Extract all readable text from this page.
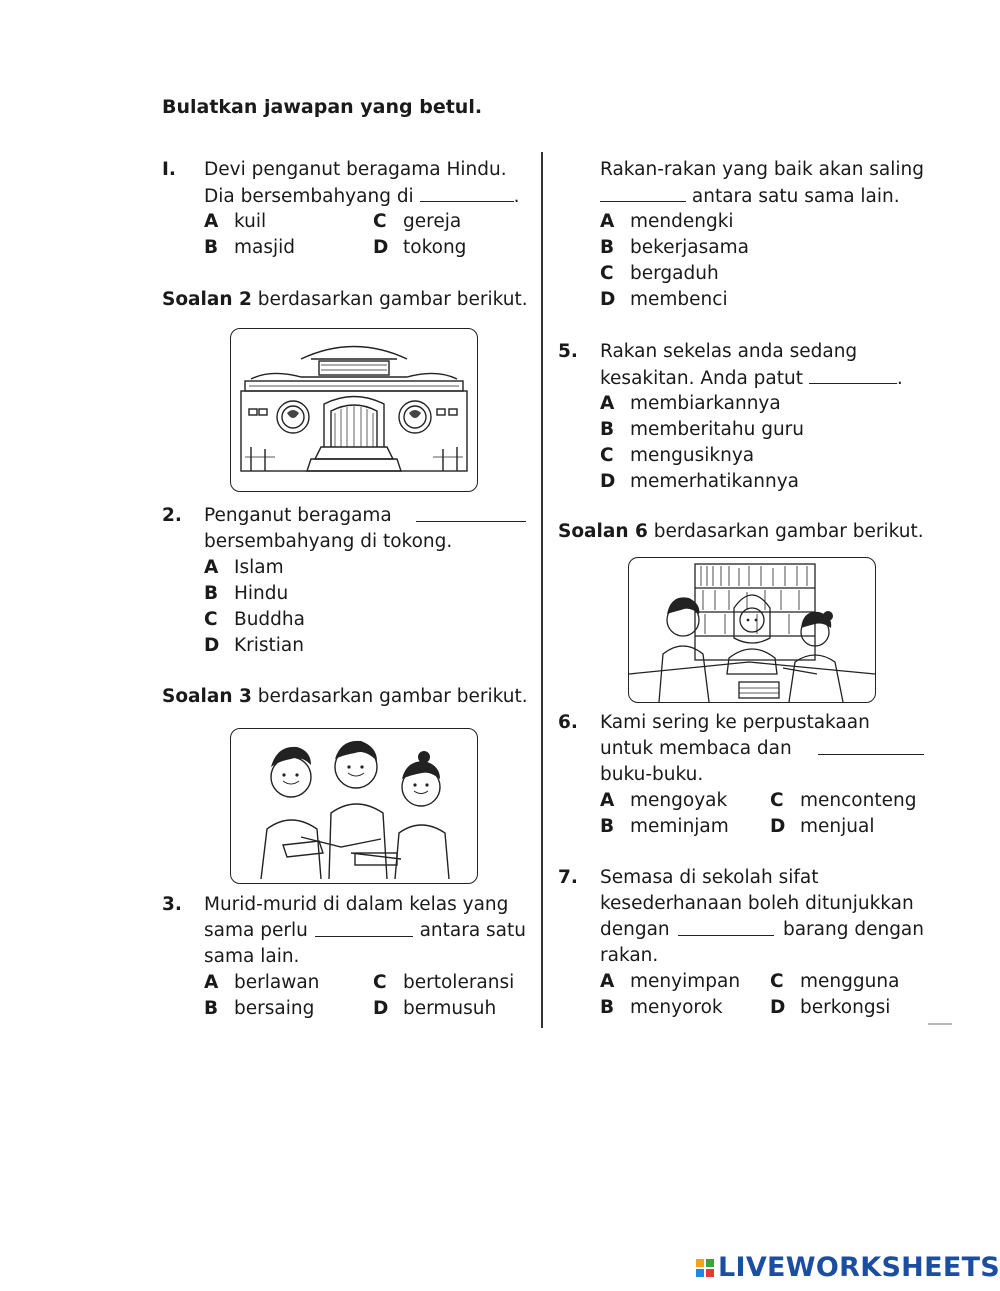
Bulatkan jawapan yang betul.
I. Devi penganut beragama Hindu.
Dia bersembahyang di	.
A kuil
B masjid
C gereja
D tokong
Soalan 2 berdasarkan gambar berikut.
2. Penganut beragama
bersembahyang di tokong.
A Islam
B Hindu
C Buddha
D Kristian
Soalan 3 berdasarkan gambar berikut.
3. Murid-murid di dalam kelas yang
sama perlu	antara satu
sama lain.
A berlawan
B bersaing
C bertoleransi
D bermusuh
Rakan-rakan yang baik akan saling
antara satu sama lain.
A mendengki
B bekerjasama
C bergaduh
D membenci
5. Rakan sekelas anda sedang
kesakitan. Anda patut	.
A membiarkannya
B memberitahu guru
C mengusiknya
D memerhatikannya
Soalan 6 berdasarkan gambar berikut.
6. Kami sering ke perpustakaan
untuk membaca dan
buku-buku.
A mengoyak
B meminjam
C menconteng
D menjual
7. Semasa di sekolah sifat
kesederhanaan boleh ditunjukkan
dengan	barang dengan
rakan.
A menyimpan
B menyorok
C mengguna
D berkongsi
LIVEWORKSHEETS
